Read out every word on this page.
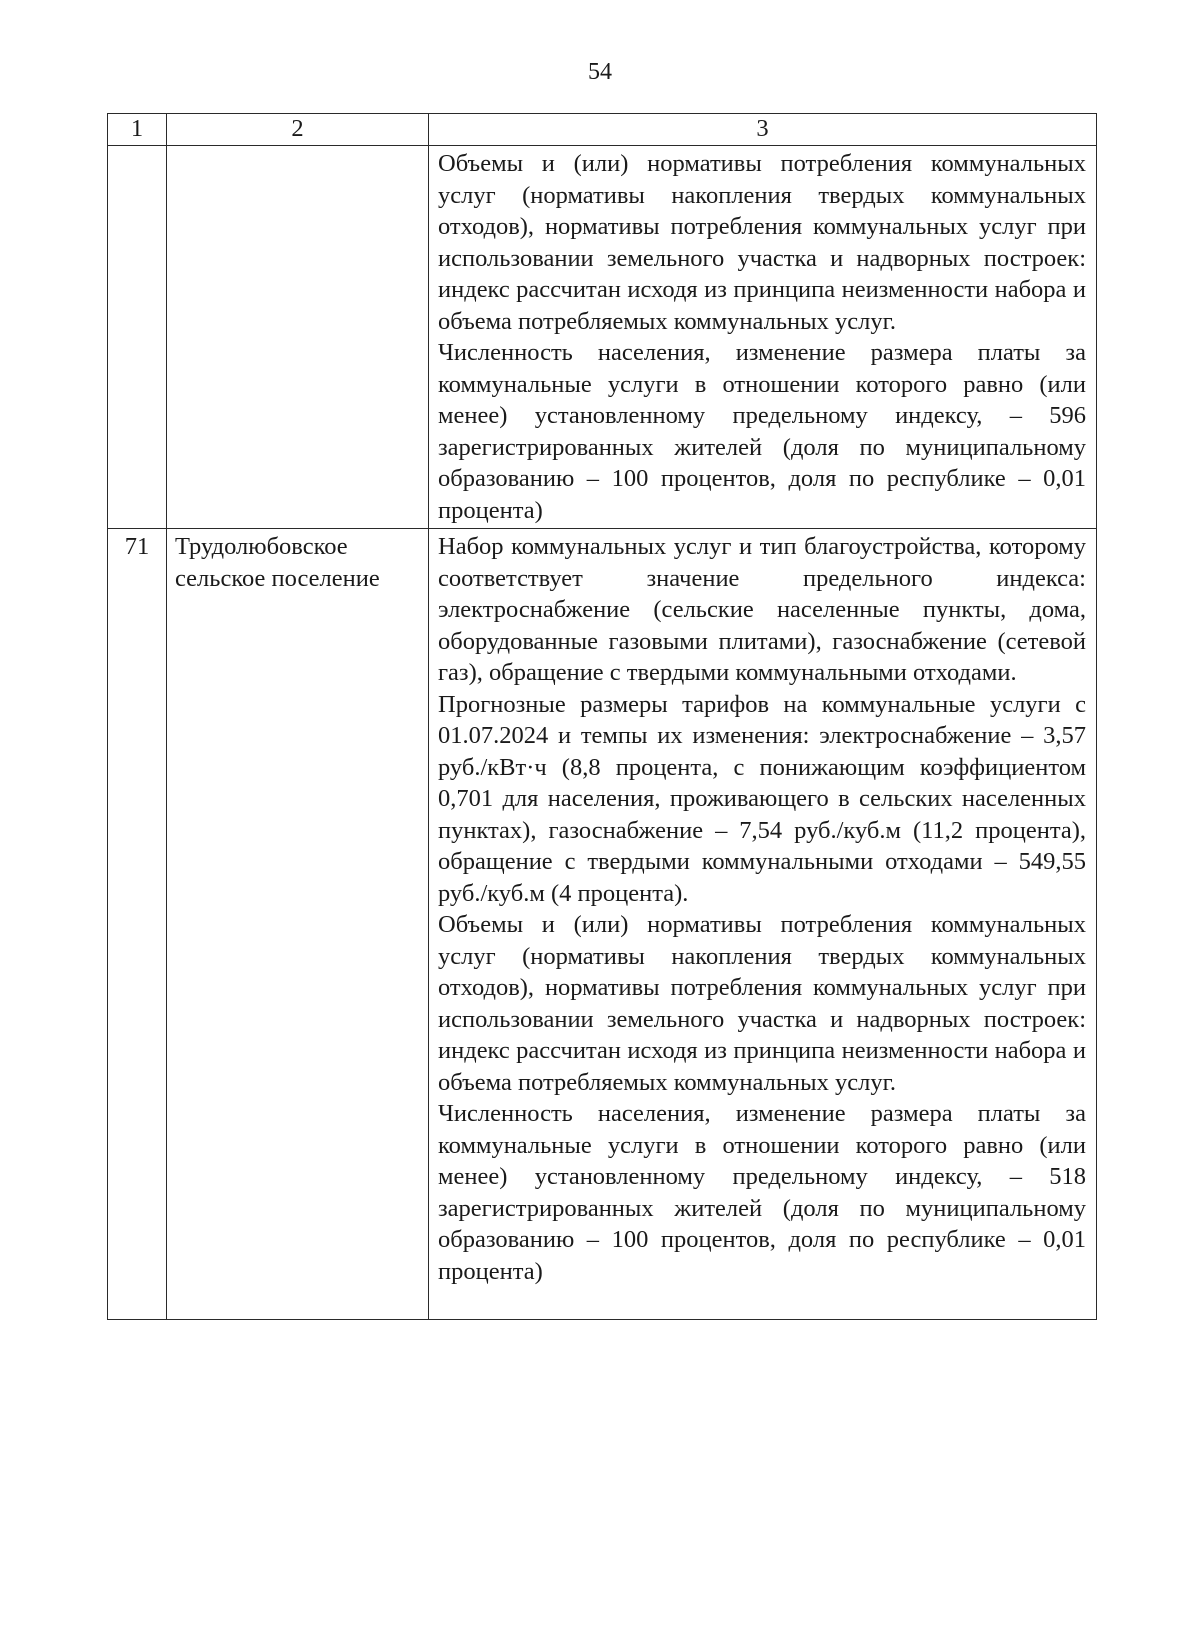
54
1	2	3

		Объемы и (или) нормативы потребления коммунальных услуг (нормативы накопления твердых коммунальных отходов), нормативы потребления коммунальных услуг при использовании земельного участка и надворных построек: индекс рассчитан исходя из принципа неизменности набора и объема потребляемых коммунальных услуг.

Численность населения, изменение размера платы за коммунальные услуги в отношении которого равно (или менее) установленному предельному индексу, – 596 зарегистрированных жителей (доля по муниципальному образованию – 100 процентов, доля по республике – 0,01 процента)

71	Трудолюбовское сельское поселение	Набор коммунальных услуг и тип благоустройства, которому соответствует значение предельного индекса: электроснабжение (сельские населенные пункты, дома, оборудованные газовыми плитами), газоснабжение (сетевой газ), обращение с твердыми коммунальными отходами.

Прогнозные размеры тарифов на коммунальные услуги с 01.07.2024 и темпы их изменения: электроснабжение – 3,57 руб./кВт·ч (8,8 процента, с понижающим коэффициентом 0,701 для населения, проживающего в сельских населенных пунктах), газоснабжение – 7,54 руб./куб.м (11,2 процента), обращение с твердыми коммунальными отходами – 549,55 руб./куб.м (4 процента).

Объемы и (или) нормативы потребления коммунальных услуг (нормативы накопления твердых коммунальных отходов), нормативы потребления коммунальных услуг при использовании земельного участка и надворных построек: индекс рассчитан исходя из принципа неизменности набора и объема потребляемых коммунальных услуг.

Численность населения, изменение размера платы за коммунальные услуги в отношении которого равно (или менее) установленному предельному индексу, – 518 зарегистрированных жителей (доля по муниципальному образованию – 100 процентов, доля по республике – 0,01 процента)
